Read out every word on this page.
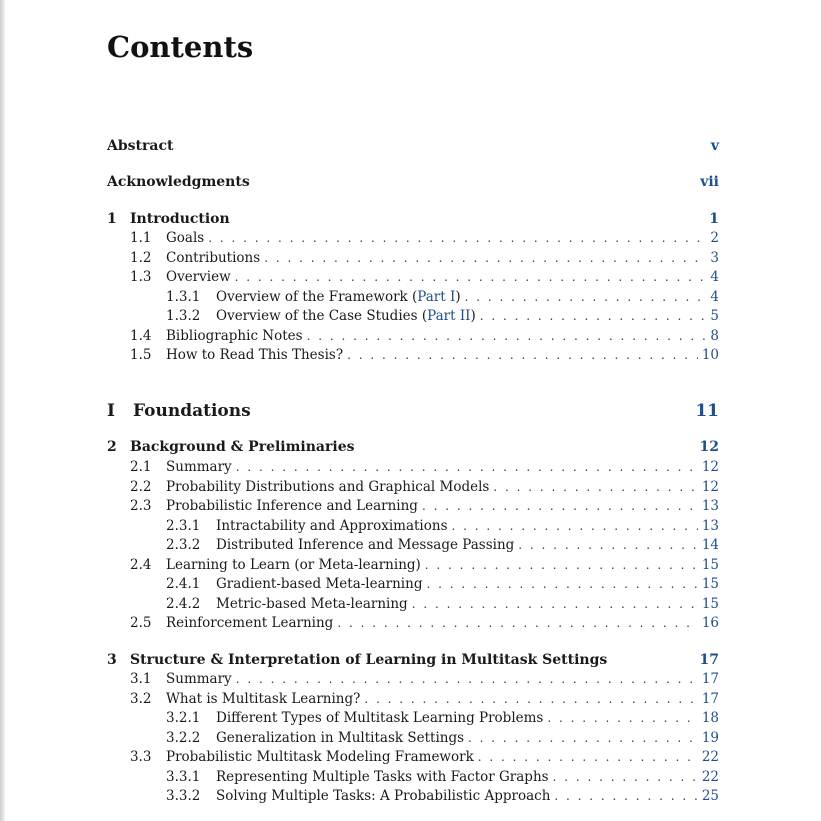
Contents
Abstract	v
Acknowledgments	vii
1 Introduction	1
1.1	Goals . . .	2
1.2	Contributions . . .	3
1.3	Overview . . .	4
1.3.1	Overview of the Framework (Part I) . . .	4
1.3.2	Overview of the Case Studies (Part II) . . .	5
1.4	Bibliographic Notes . . .	8
1.5	How to Read This Thesis? . . .	10
I	Foundations	11
2 Background & Preliminaries	12
2.1	Summary . . .	12
2.2	Probability Distributions and Graphical Models . . .	12
2.3	Probabilistic Inference and Learning . . .	13
2.3.1	Intractability and Approximations . . .	13
2.3.2	Distributed Inference and Message Passing . . .	14
2.4	Learning to Learn (or Meta-learning) . . .	15
2.4.1	Gradient-based Meta-learning . . .	15
2.4.2	Metric-based Meta-learning . . .	15
2.5	Reinforcement Learning . . .	16
3 Structure & Interpretation of Learning in Multitask Settings	17
3.1	Summary . . .	17
3.2	What is Multitask Learning? . . .	17
3.2.1	Different Types of Multitask Learning Problems . . .	18
3.2.2	Generalization in Multitask Settings . . .	19
3.3	Probabilistic Multitask Modeling Framework . . .	22
3.3.1	Representing Multiple Tasks with Factor Graphs . . .	22
3.3.2	Solving Multiple Tasks: A Probabilistic Approach . . .	25
